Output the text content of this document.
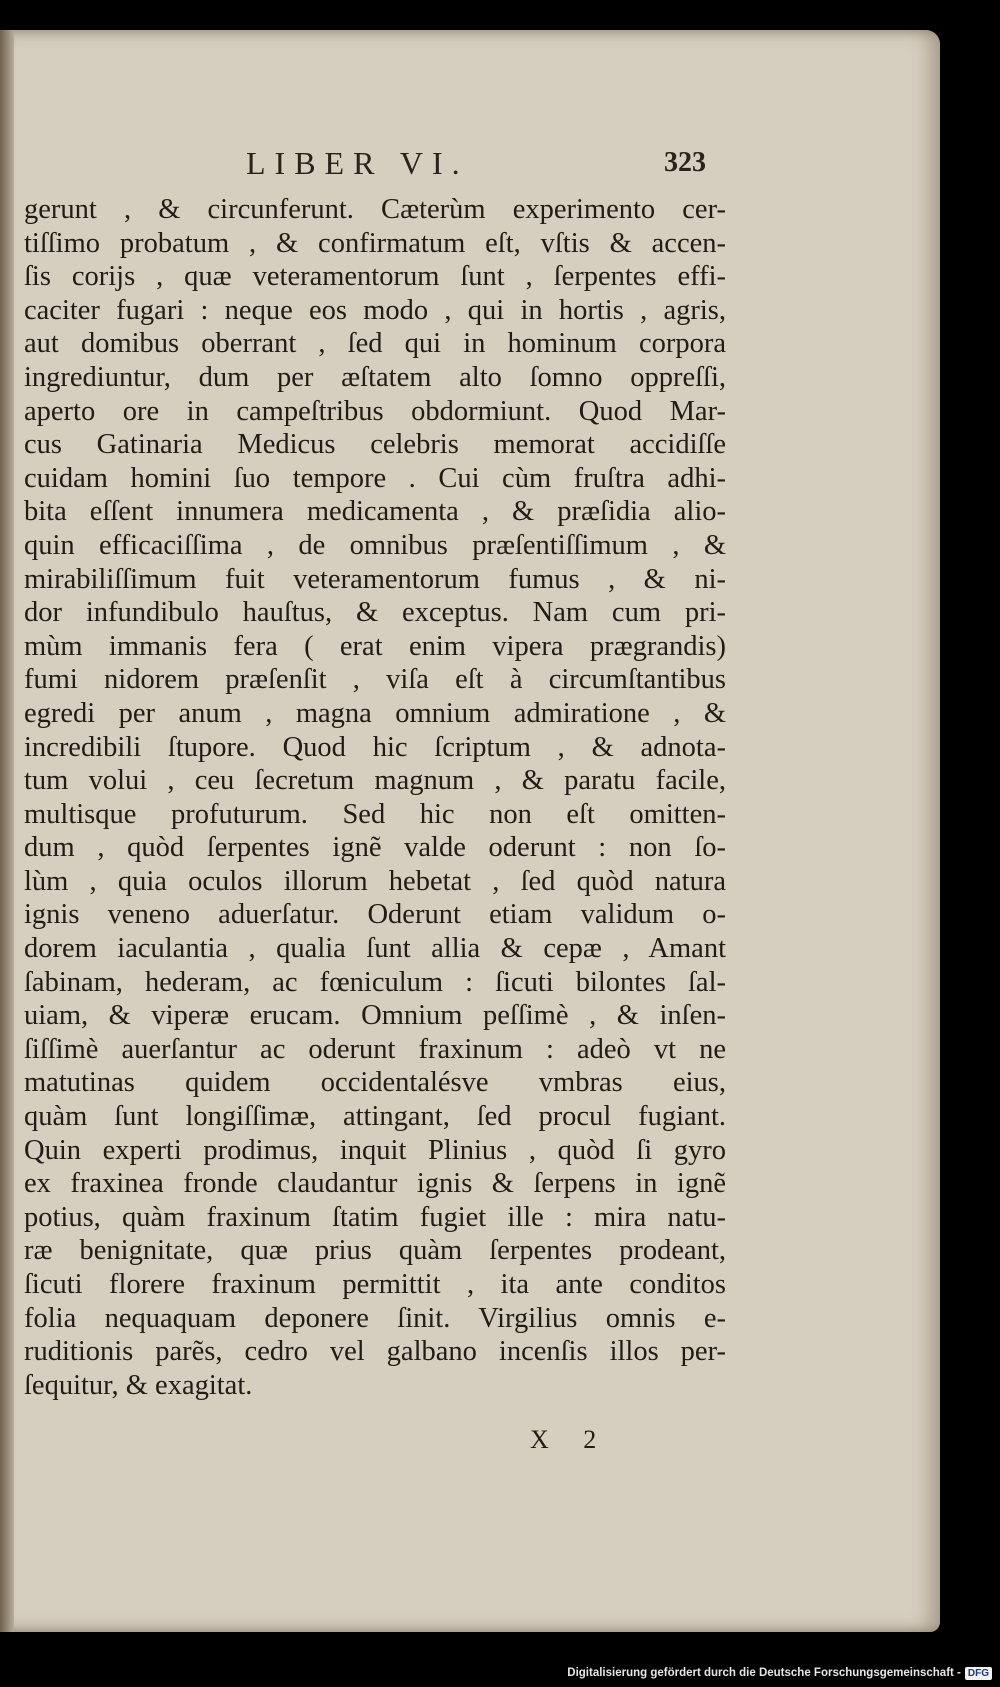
LIBER VI.	323
gerunt , & circunferunt. Cæterùm experimento cer-
tiſſimo probatum , & confirmatum eſt, vſtis & accen-
ſis corijs , quæ veteramentorum ſunt , ſerpentes effi-
caciter fugari : neque eos modo , qui in hortis , agris,
aut domibus oberrant , ſed qui in hominum corpora
ingrediuntur, dum per æſtatem alto ſomno oppreſſi,
aperto ore in campeſtribus obdormiunt. Quod Mar-
cus Gatinaria Medicus celebris memorat accidiſſe
cuidam homini ſuo tempore . Cui cùm fruſtra adhi-
bita eſſent innumera medicamenta , & præſidia alio-
quin efficaciſſima , de omnibus præſentiſſimum , &
mirabiliſſimum fuit veteramentorum fumus , & ni-
dor infundibulo hauſtus, & exceptus. Nam cum pri-
mùm immanis fera ( erat enim vipera prægrandis)
fumi nidorem præſenſit , viſa eſt à circumſtantibus
egredi per anum , magna omnium admiratione , &
incredibili ſtupore. Quod hic ſcriptum , & adnota-
tum volui , ceu ſecretum magnum , & paratu facile,
multisque profuturum. Sed hic non eſt omitten-
dum , quòd ſerpentes ignẽ valde oderunt : non ſo-
lùm , quia oculos illorum hebetat , ſed quòd natura
ignis veneno aduerſatur. Oderunt etiam validum o-
dorem iaculantia , qualia ſunt allia & cepæ , Amant
ſabinam, hederam, ac fœniculum : ſicuti bilontes ſal-
uiam, & viperæ erucam. Omnium peſſimè , & inſen-
ſiſſimè auerſantur ac oderunt fraxinum : adeò vt ne
matutinas quidem occidentalésve vmbras eius,
quàm ſunt longiſſimæ, attingant, ſed procul fugiant.
Quin experti prodimus, inquit Plinius , quòd ſi gyro
ex fraxinea fronde claudantur ignis & ſerpens in ignẽ
potius, quàm fraxinum ſtatim fugiet ille : mira natu-
ræ benignitate, quæ prius quàm ſerpentes prodeant,
ſicuti florere fraxinum permittit , ita ante conditos
folia nequaquam deponere ſinit. Virgilius omnis e-
ruditionis parẽs, cedro vel galbano incenſis illos per-
ſequitur, & exagitat.
X 2
Digitalisierung gefördert durch die Deutsche Forschungsgemeinschaft - DFG
